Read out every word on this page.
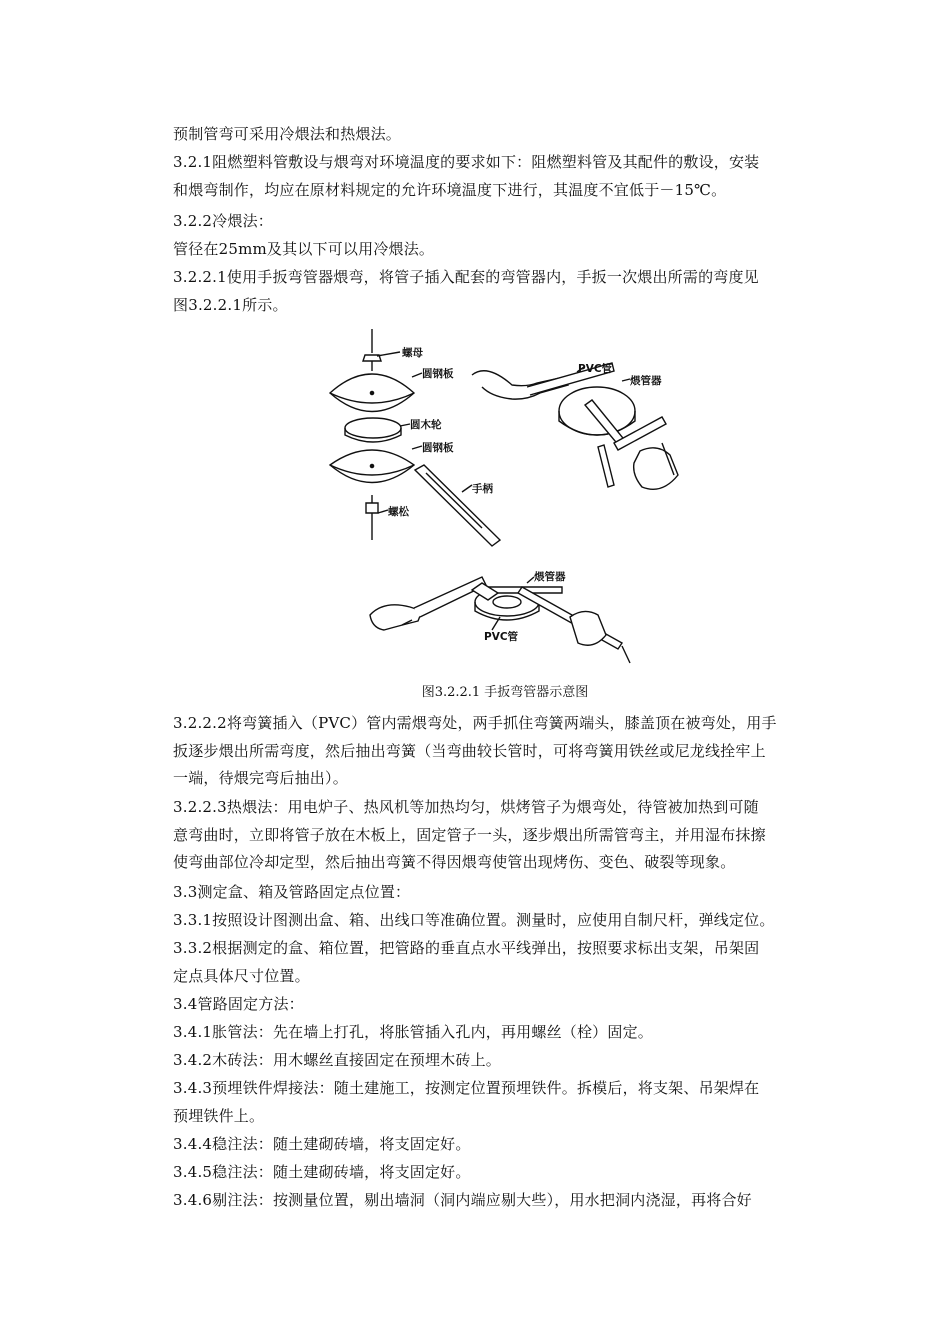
预制管弯可采用冷煨法和热煨法。
3.2.1阻燃塑料管敷设与煨弯对环境温度的要求如下：阻燃塑料管及其配件的敷设，安装
和煨弯制作，均应在原材料规定的允许环境温度下进行，其温度不宜低于－15℃。
3.2.2冷煨法：
管径在25mm及其以下可以用冷煨法。
3.2.2.1使用手扳弯管器煨弯，将管子插入配套的弯管器内，手扳一次煨出所需的弯度见
图3.2.2.1所示。
螺母
圆钢板
圆木轮
圆钢板
手柄
螺松
PVC管
煨管器
煨管器
PVC管
图3.2.2.1 手扳弯管器示意图
3.2.2.2将弯簧插入（PVC）管内需煨弯处，两手抓住弯簧两端头，膝盖顶在被弯处，用手
扳逐步煨出所需弯度，然后抽出弯簧（当弯曲较长管时，可将弯簧用铁丝或尼龙线拴牢上
一端，待煨完弯后抽出）。
3.2.2.3热煨法：用电炉子、热风机等加热均匀，烘烤管子为煨弯处，待管被加热到可随
意弯曲时，立即将管子放在木板上，固定管子一头，逐步煨出所需管弯主，并用湿布抹擦
使弯曲部位冷却定型，然后抽出弯簧不得因煨弯使管出现烤伤、变色、破裂等现象。
3.3测定盒、箱及管路固定点位置：
3.3.1按照设计图测出盒、箱、出线口等准确位置。测量时，应使用自制尺杆，弹线定位。
3.3.2根据测定的盒、箱位置，把管路的垂直点水平线弹出，按照要求标出支架，吊架固
定点具体尺寸位置。
3.4管路固定方法：
3.4.1胀管法：先在墙上打孔，将胀管插入孔内，再用螺丝（栓）固定。
3.4.2木砖法：用木螺丝直接固定在预埋木砖上。
3.4.3预埋铁件焊接法：随土建施工，按测定位置预埋铁件。拆模后，将支架、吊架焊在
预埋铁件上。
3.4.4稳注法：随土建砌砖墙，将支固定好。
3.4.5稳注法：随土建砌砖墙，将支固定好。
3.4.6剔注法：按测量位置，剔出墙洞（洞内端应剔大些），用水把洞内浇湿，再将合好
